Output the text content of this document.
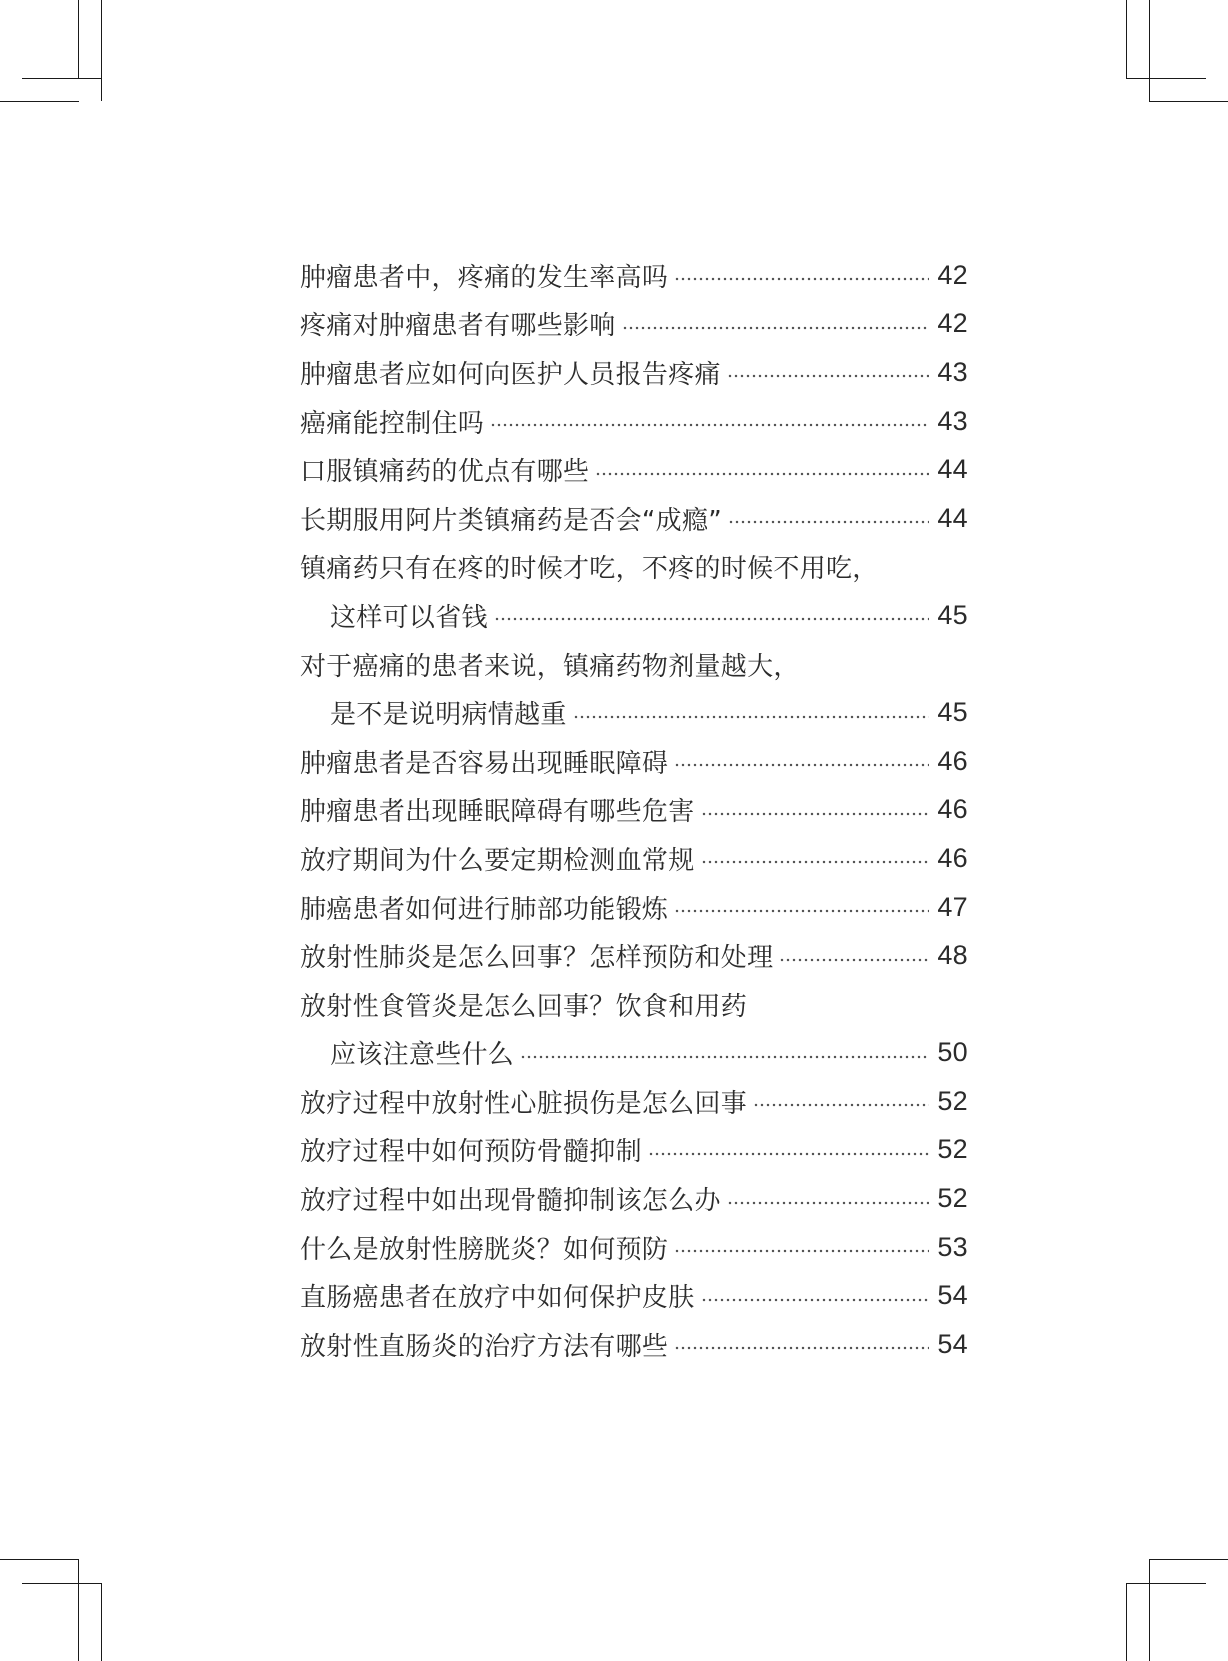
肿瘤患者中，疼痛的发生率高吗	42
疼痛对肿瘤患者有哪些影响	42
肿瘤患者应如何向医护人员报告疼痛	43
癌痛能控制住吗	43
口服镇痛药的优点有哪些	44
长期服用阿片类镇痛药是否会“成瘾”	44
镇痛药只有在疼的时候才吃，不疼的时候不用吃，
这样可以省钱	45
对于癌痛的患者来说，镇痛药物剂量越大，
是不是说明病情越重	45
肿瘤患者是否容易出现睡眠障碍	46
肿瘤患者出现睡眠障碍有哪些危害	46
放疗期间为什么要定期检测血常规	46
肺癌患者如何进行肺部功能锻炼	47
放射性肺炎是怎么回事？怎样预防和处理	48
放射性食管炎是怎么回事？饮食和用药
应该注意些什么	50
放疗过程中放射性心脏损伤是怎么回事	52
放疗过程中如何预防骨髓抑制	52
放疗过程中如出现骨髓抑制该怎么办	52
什么是放射性膀胱炎？如何预防	53
直肠癌患者在放疗中如何保护皮肤	54
放射性直肠炎的治疗方法有哪些	54
